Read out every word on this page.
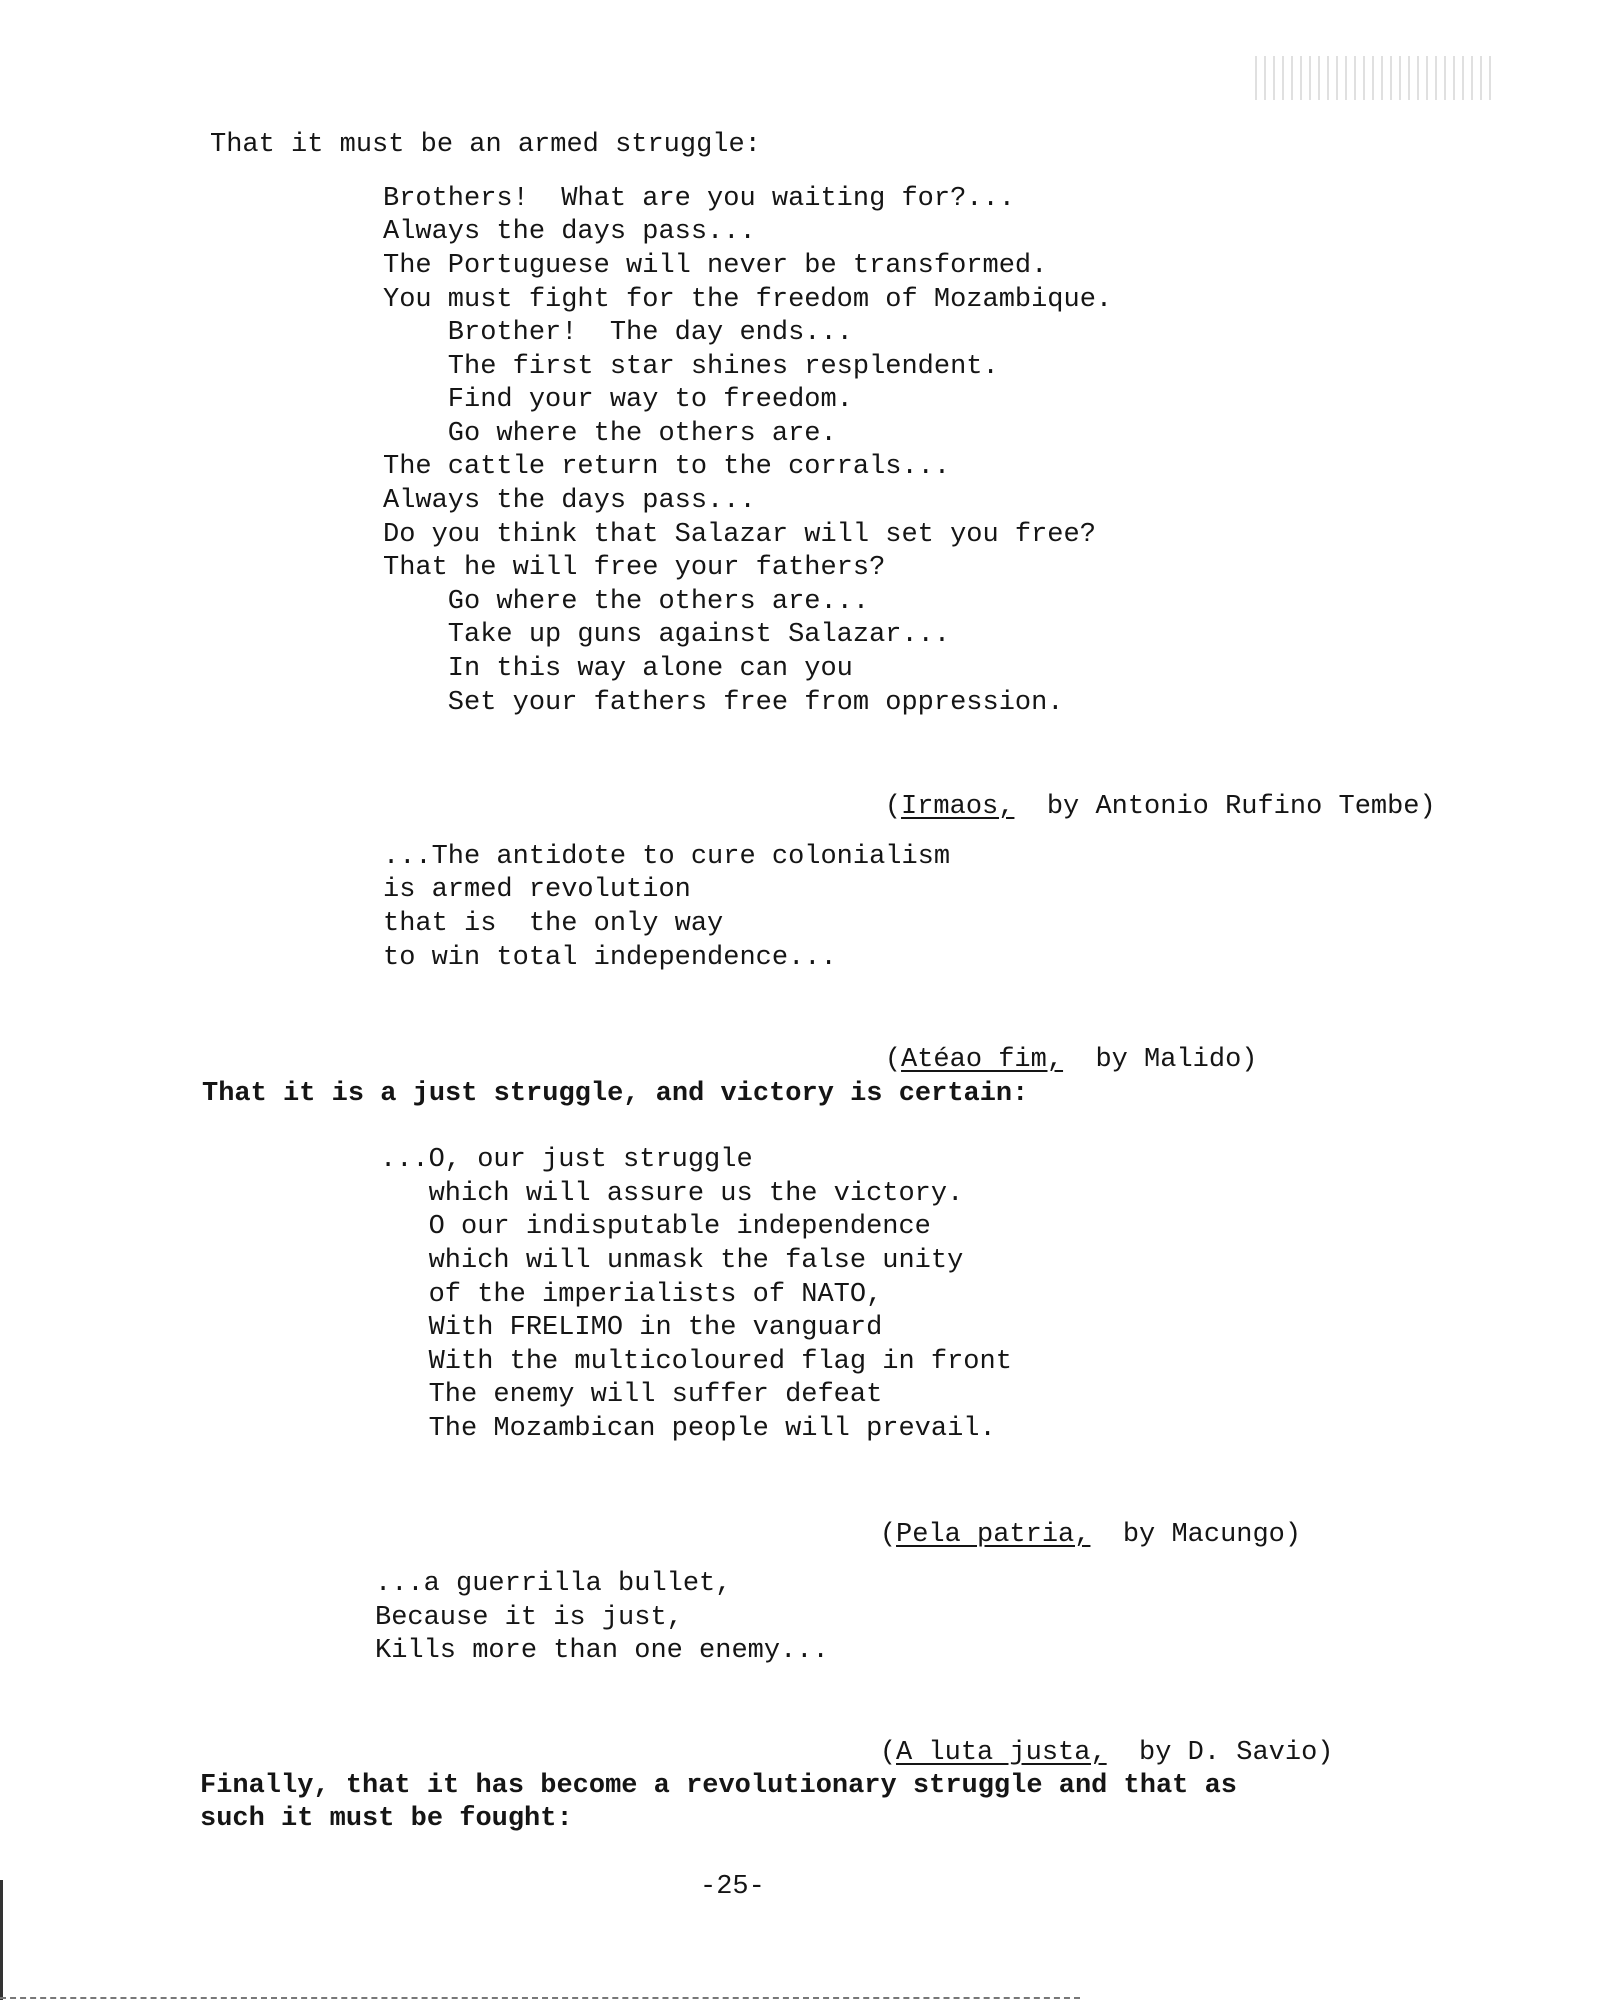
That it must be an armed struggle:
Brothers!  What are you waiting for?...
Always the days pass...
The Portuguese will never be transformed.
You must fight for the freedom of Mozambique.
Brother!  The day ends...
The first star shines resplendent.
Find your way to freedom.
Go where the others are.
The cattle return to the corrals...
Always the days pass...
Do you think that Salazar will set you free?
That he will free your fathers?
Go where the others are...
Take up guns against Salazar...
In this way alone can you
Set your fathers free from oppression.

(Irmaos,  by Antonio Rufino Tembe)

...The antidote to cure colonialism
is armed revolution
that is  the only way
to win total independence...

(Atéao fim,  by Malido)

That it is a just struggle, and victory is certain:
...O, our just struggle
which will assure us the victory.
O our indisputable independence
which will unmask the false unity
of the imperialists of NATO,
With FRELIMO in the vanguard
With the multicoloured flag in front
The enemy will suffer defeat
The Mozambican people will prevail.

(Pela patria,  by Macungo)

...a guerrilla bullet,
Because it is just,
Kills more than one enemy...

(A luta justa,  by D. Savio)

Finally, that it has become a revolutionary struggle and that as
such it must be fought:
-25-
